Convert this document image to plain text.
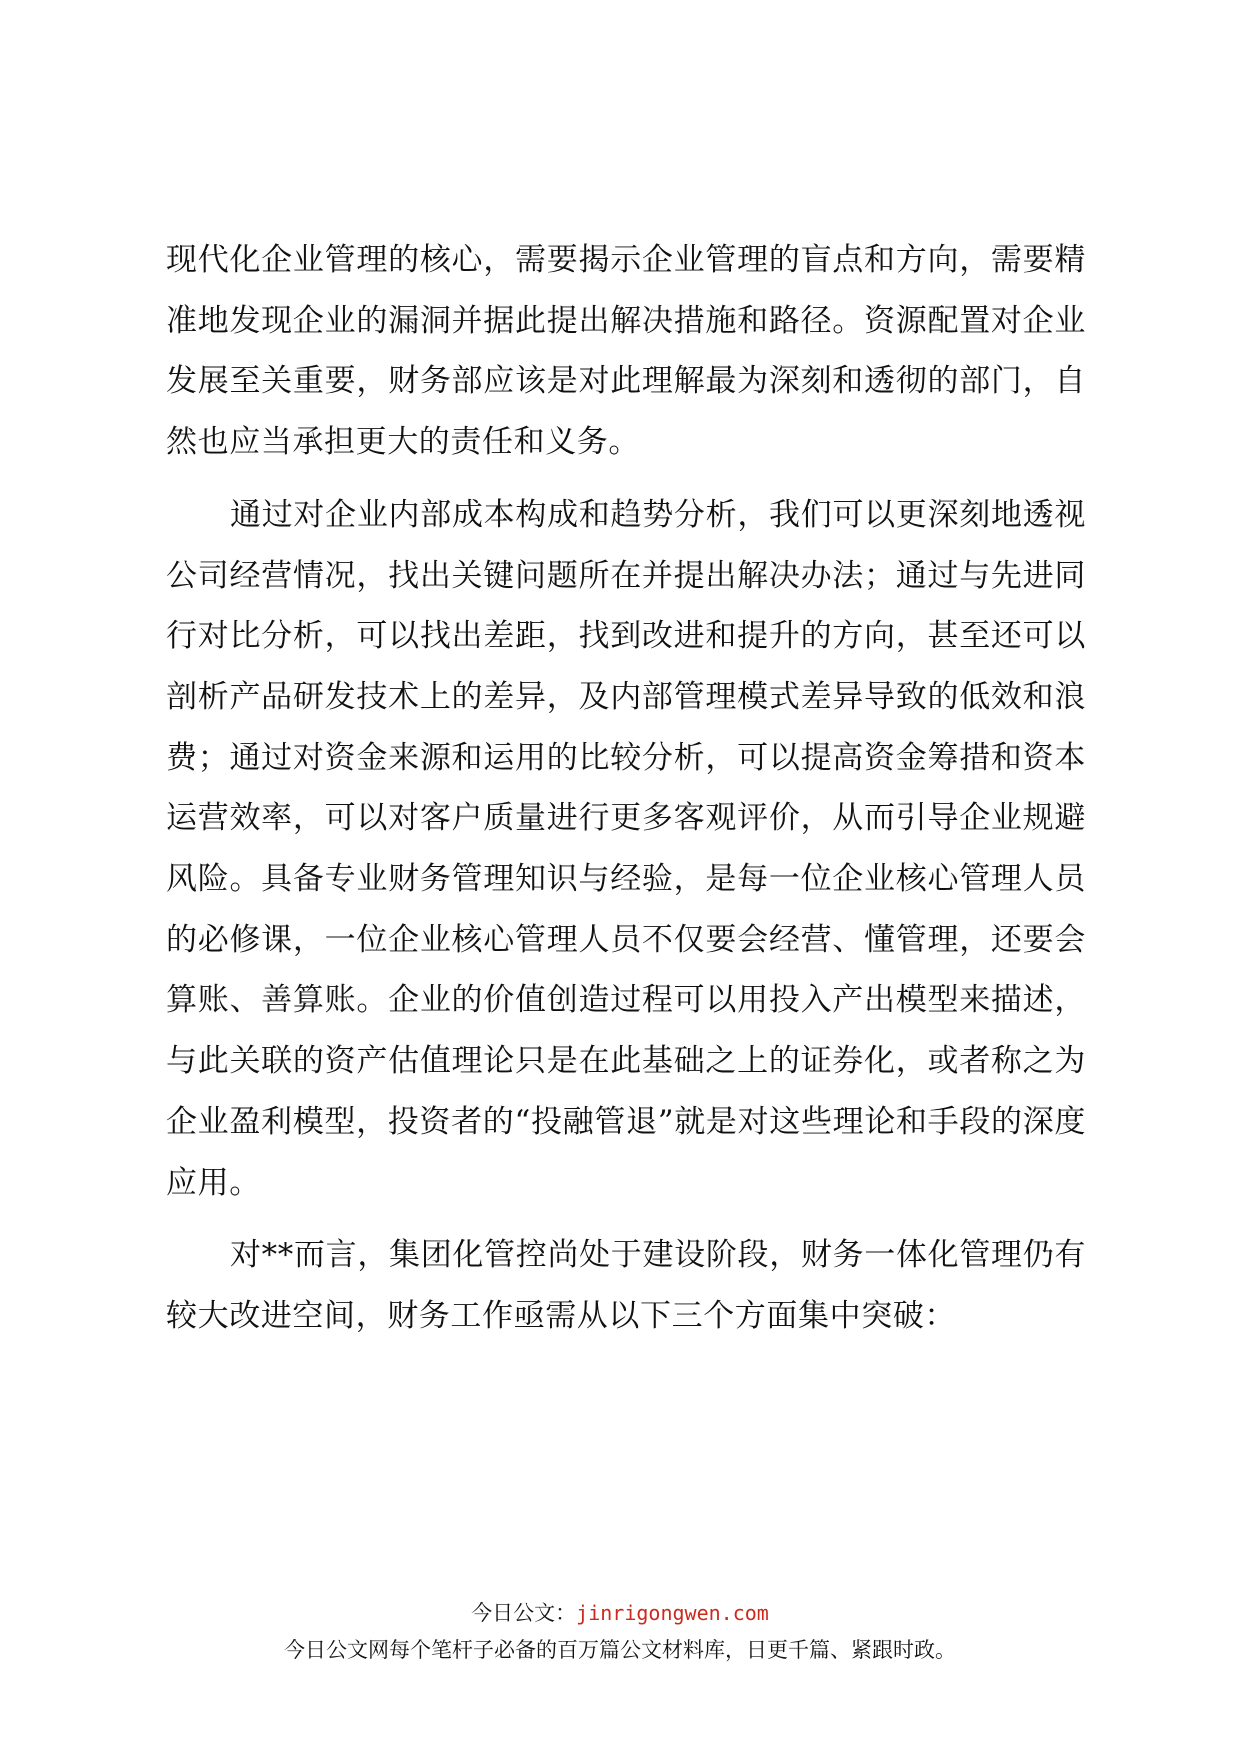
现代化企业管理的核心，需要揭示企业管理的盲点和方向，需要精准地发现企业的漏洞并据此提出解决措施和路径。资源配置对企业发展至关重要，财务部应该是对此理解最为深刻和透彻的部门，自然也应当承担更大的责任和义务。

通过对企业内部成本构成和趋势分析，我们可以更深刻地透视公司经营情况，找出关键问题所在并提出解决办法；通过与先进同行对比分析，可以找出差距，找到改进和提升的方向，甚至还可以剖析产品研发技术上的差异，及内部管理模式差异导致的低效和浪费；通过对资金来源和运用的比较分析，可以提高资金筹措和资本运营效率，可以对客户质量进行更多客观评价，从而引导企业规避风险。具备专业财务管理知识与经验，是每一位企业核心管理人员的必修课，一位企业核心管理人员不仅要会经营、懂管理，还要会算账、善算账。企业的价值创造过程可以用投入产出模型来描述，与此关联的资产估值理论只是在此基础之上的证券化，或者称之为企业盈利模型，投资者的“投融管退”就是对这些理论和手段的深度应用。

对**而言，集团化管控尚处于建设阶段，财务一体化管理仍有较大改进空间，财务工作亟需从以下三个方面集中突破：

今日公文：jinrigongwen.com
今日公文网每个笔杆子必备的百万篇公文材料库，日更千篇、紧跟时政。
